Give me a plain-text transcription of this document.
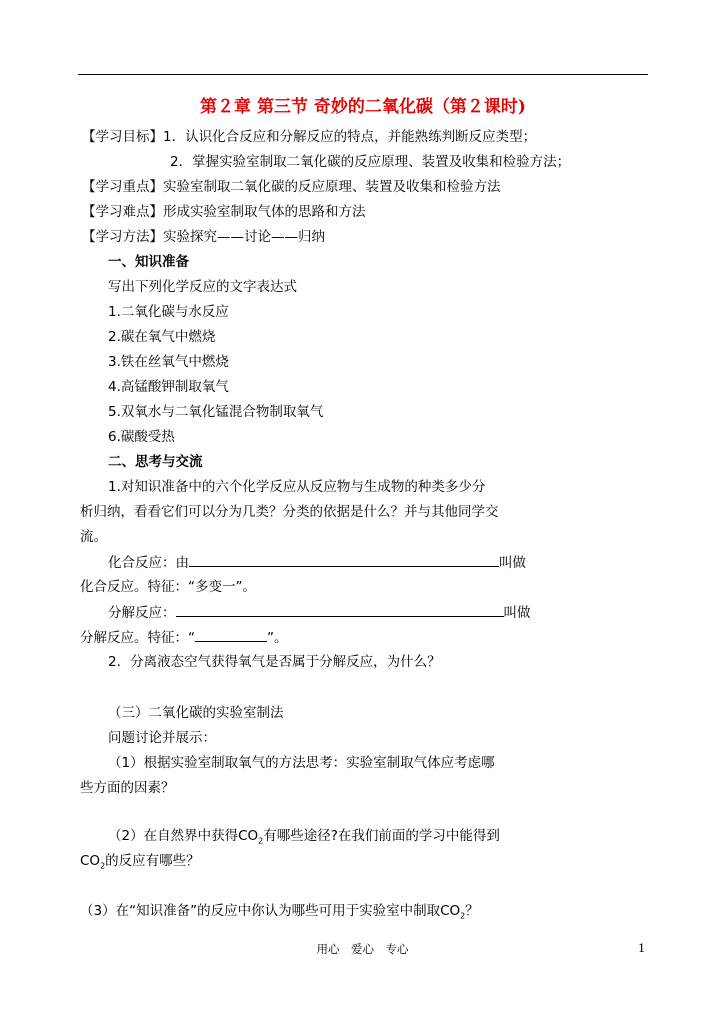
第２章 第三节 奇妙的二氧化碳（第２课时)
【学习目标】1．认识化合反应和分解反应的特点，并能熟练判断反应类型；
2．掌握实验室制取二氧化碳的反应原理、装置及收集和检验方法；
【学习重点】实验室制取二氧化碳的反应原理、装置及收集和检验方法
【学习难点】形成实验室制取气体的思路和方法
【学习方法】实验探究——讨论——归纳
一、知识准备
写出下列化学反应的文字表达式
1.二氧化碳与水反应
2.碳在氧气中燃烧
3.铁在丝氧气中燃烧
4.高锰酸钾制取氧气
5.双氧水与二氧化锰混合物制取氧气
6.碳酸受热
二、思考与交流
1.对知识准备中的六个化学反应从反应物与生成物的种类多少分
析归纳，看看它们可以分为几类？分类的依据是什么？并与其他同学交
流。
化合反应：由	叫做
化合反应。特征：“多变一”。
分解反应：	叫做
分解反应。特征：“	”。
2．分离液态空气获得氧气是否属于分解反应，为什么？
（三）二氧化碳的实验室制法
问题讨论并展示：
（1）根据实验室制取氧气的方法思考：实验室制取气体应考虑哪
些方面的因素？
（2）在自然界中获得$CO_2$有哪些途径?在我们前面的学习中能得到
$CO_2$的反应有哪些？
（3）在“知识准备”的反应中你认为哪些可用于实验室中制取$CO_2$？
用心　爱心　专心	1
